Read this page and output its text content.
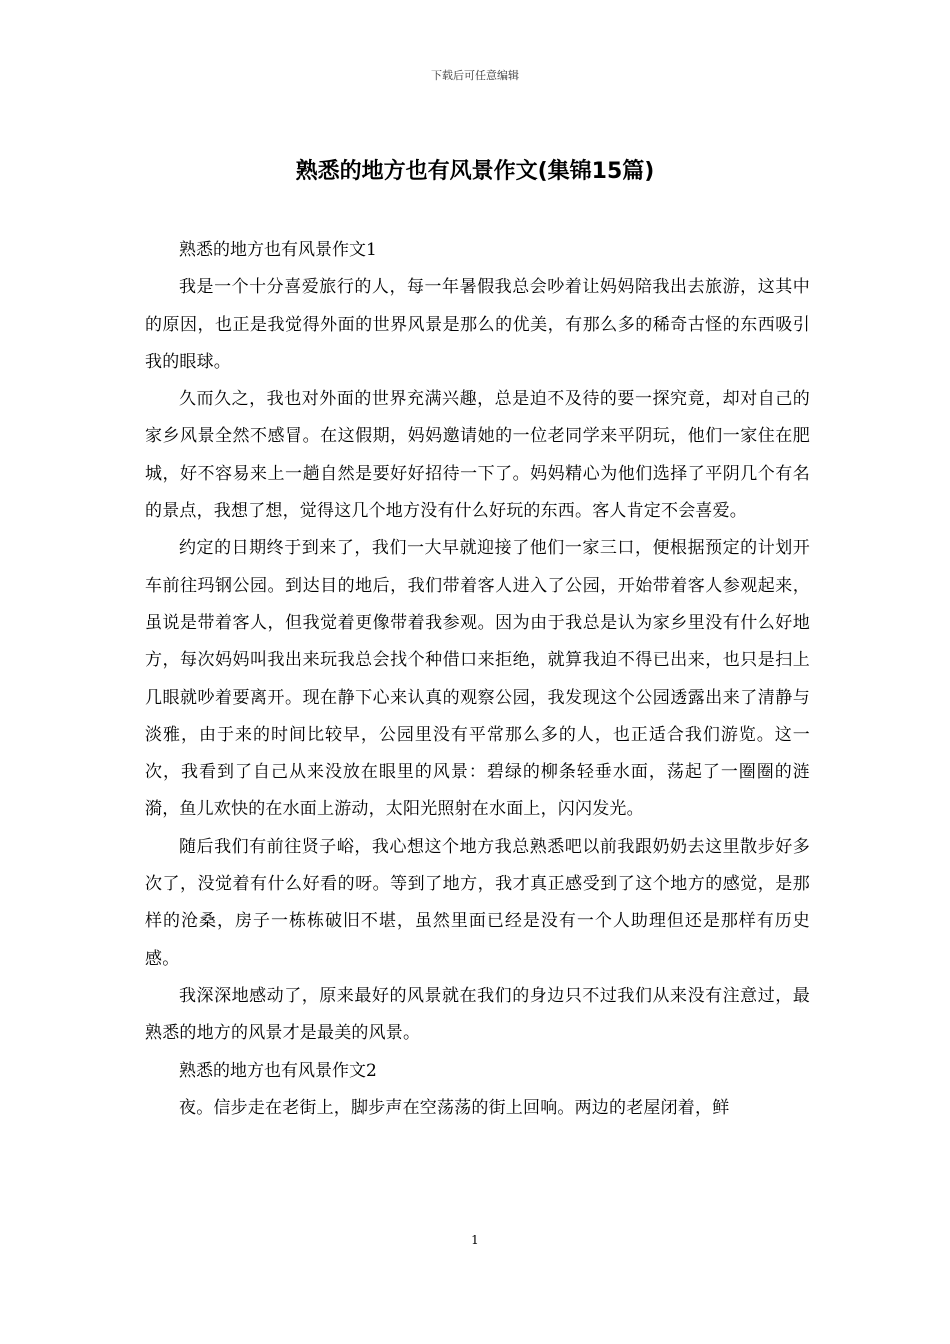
下载后可任意编辑
熟悉的地方也有风景作文(集锦15篇)

熟悉的地方也有风景作文1

我是一个十分喜爱旅行的人，每一年暑假我总会吵着让妈妈陪我出去旅游，这其中的原因，也正是我觉得外面的世界风景是那么的优美，有那么多的稀奇古怪的东西吸引我的眼球。

久而久之，我也对外面的世界充满兴趣，总是迫不及待的要一探究竟，却对自己的家乡风景全然不感冒。在这假期，妈妈邀请她的一位老同学来平阴玩，他们一家住在肥城，好不容易来上一趟自然是要好好招待一下了。妈妈精心为他们选择了平阴几个有名的景点，我想了想，觉得这几个地方没有什么好玩的东西。客人肯定不会喜爱。

约定的日期终于到来了，我们一大早就迎接了他们一家三口，便根据预定的计划开车前往玛钢公园。到达目的地后，我们带着客人进入了公园，开始带着客人参观起来，虽说是带着客人，但我觉着更像带着我参观。因为由于我总是认为家乡里没有什么好地方，每次妈妈叫我出来玩我总会找个种借口来拒绝，就算我迫不得已出来，也只是扫上几眼就吵着要离开。现在静下心来认真的观察公园，我发现这个公园透露出来了清静与淡雅，由于来的时间比较早，公园里没有平常那么多的人，也正适合我们游览。这一次，我看到了自己从来没放在眼里的风景：碧绿的柳条轻垂水面，荡起了一圈圈的涟漪，鱼儿欢快的在水面上游动，太阳光照射在水面上，闪闪发光。

随后我们有前往贤子峪，我心想这个地方我总熟悉吧以前我跟奶奶去这里散步好多次了，没觉着有什么好看的呀。等到了地方，我才真正感受到了这个地方的感觉，是那样的沧桑，房子一栋栋破旧不堪，虽然里面已经是没有一个人助理但还是那样有历史感。

我深深地感动了，原来最好的风景就在我们的身边只不过我们从来没有注意过，最熟悉的地方的风景才是最美的风景。

熟悉的地方也有风景作文2

夜。信步走在老街上，脚步声在空荡荡的街上回响。两边的老屋闭着，鲜

1
